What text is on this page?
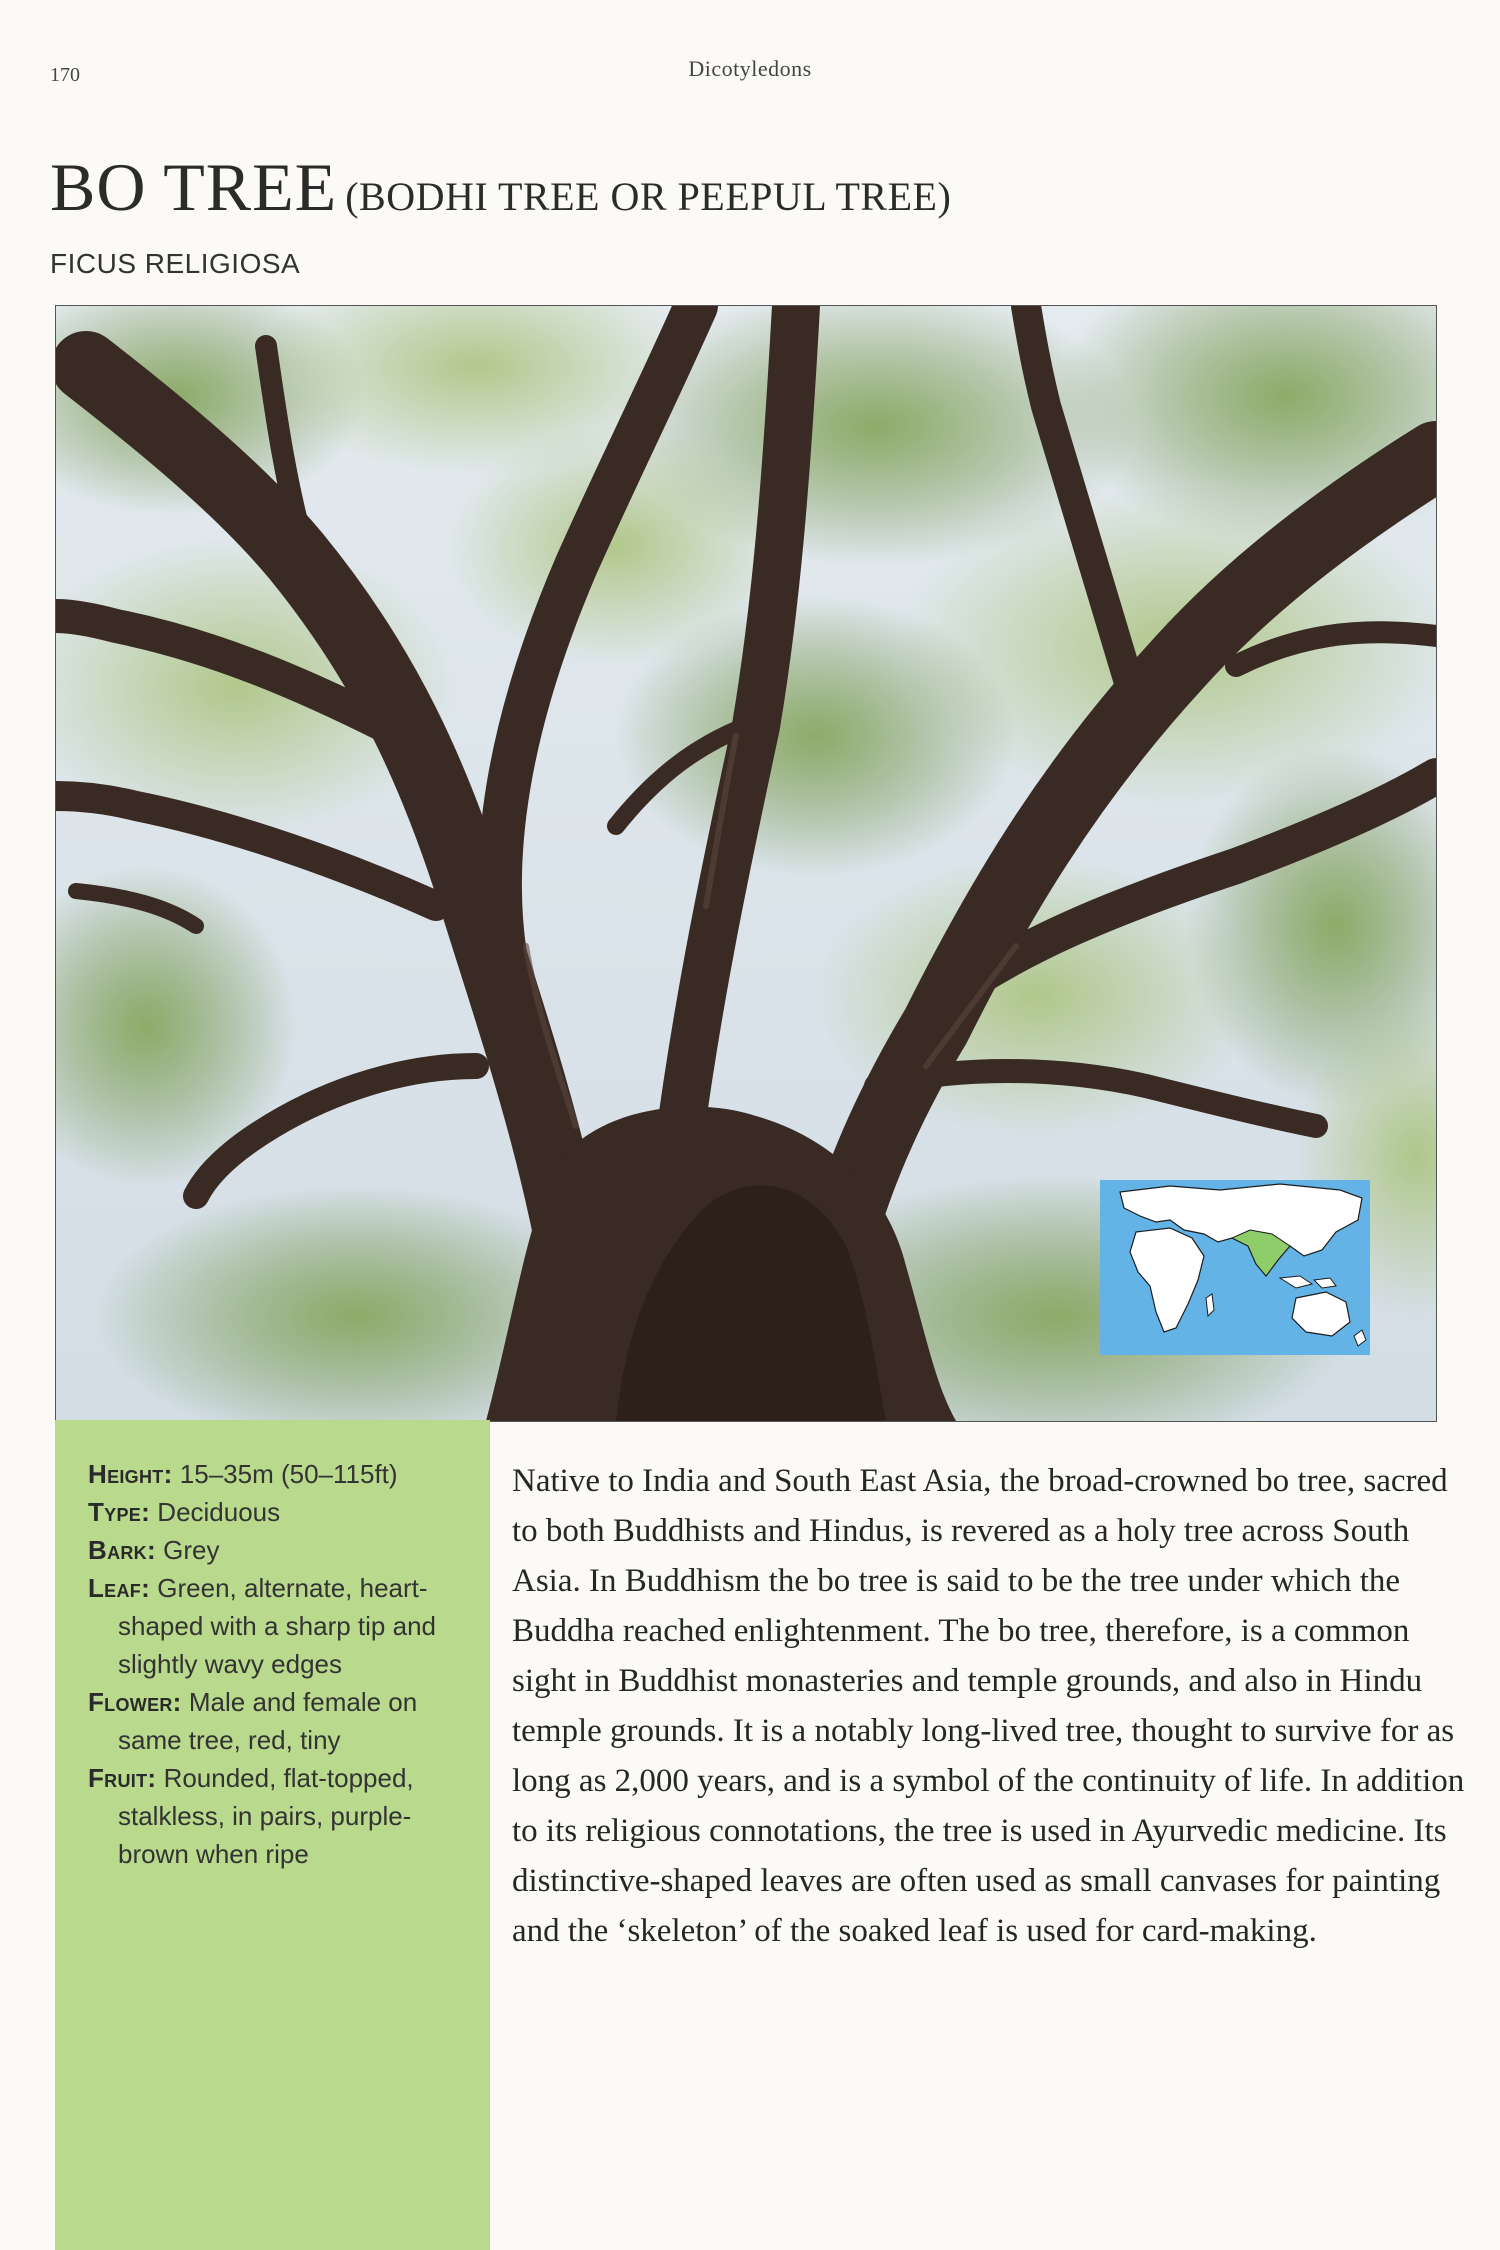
170	Dicotyledons
BO TREE (BODHI TREE OR PEEPUL TREE)
FICUS RELIGIOSA

Height: 15–35m (50–115ft)

Type: Deciduous

Bark: Grey

Leaf: Green, alternate, heart-shaped with a sharp tip and slightly wavy edges

Flower: Male and female on same tree, red, tiny

Fruit: Rounded, flat-topped, stalkless, in pairs, purple-brown when ripe

Native to India and South East Asia, the broad-crowned bo tree, sacred to both Buddhists and Hindus, is revered as a holy tree across South Asia. In Buddhism the bo tree is said to be the tree under which the Buddha reached enlightenment. The bo tree, therefore, is a common sight in Buddhist monasteries and temple grounds, and also in Hindu temple grounds. It is a notably long-lived tree, thought to survive for as long as 2,000 years, and is a symbol of the continuity of life. In addition to its religious connotations, the tree is used in Ayurvedic medicine. Its distinctive-shaped leaves are often used as small canvases for painting and the ‘skeleton’ of the soaked leaf is used for card-making.
